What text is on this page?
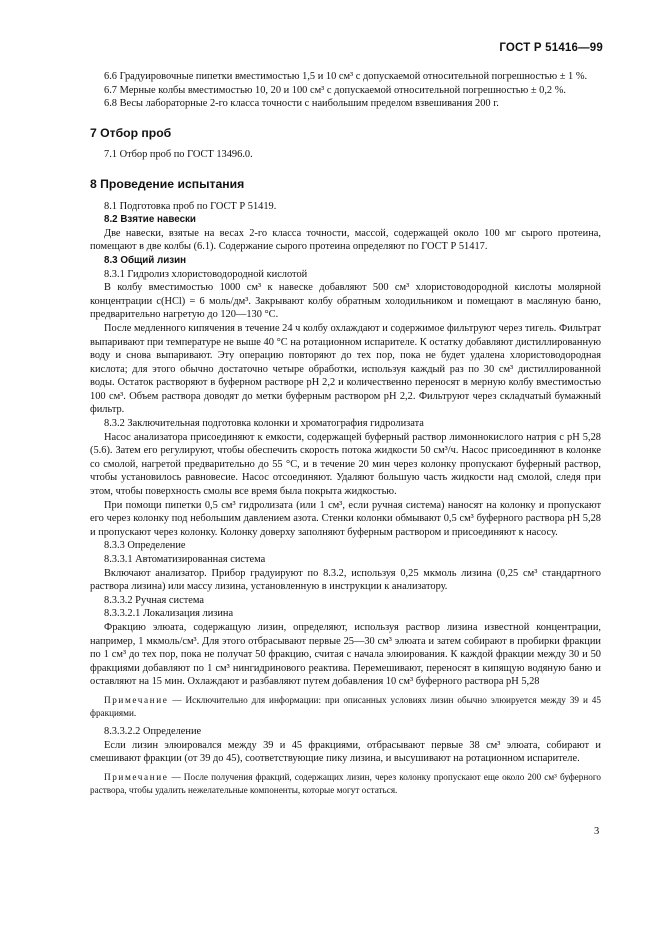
ГОСТ Р 51416—99

6.6 Градуировочные пипетки вместимостью 1,5 и 10 см³ с допускаемой относительной погрешностью ± 1 %.

6.7 Мерные колбы вместимостью 10, 20 и 100 см³ с допускаемой относительной погрешностью ± 0,2 %.

6.8 Весы лабораторные 2-го класса точности с наибольшим пределом взвешивания 200 г.

7 Отбор проб

7.1 Отбор проб по ГОСТ 13496.0.

8 Проведение испытания

8.1 Подготовка проб по ГОСТ Р 51419.

8.2 Взятие навески

Две навески, взятые на весах 2-го класса точности, массой, содержащей около 100 мг сырого протеина, помещают в две колбы (6.1). Содержание сырого протеина определяют по ГОСТ Р 51417.

8.3 Общий лизин

8.3.1 Гидролиз хлористоводородной кислотой

В колбу вместимостью 1000 см³ к навеске добавляют 500 см³ хлористоводородной кислоты молярной концентрации c(HCl) = 6 моль/дм³. Закрывают колбу обратным холодильником и помещают в масляную баню, предварительно нагретую до 120—130 °С.

После медленного кипячения в течение 24 ч колбу охлаждают и содержимое фильтруют через тигель. Фильтрат выпаривают при температуре не выше 40 °С на ротационном испарителе. К остатку добавляют дистиллированную воду и снова выпаривают. Эту операцию повторяют до тех пор, пока не будет удалена хлористоводородная кислота; для этого обычно достаточно четыре обработки, используя каждый раз по 30 см³ дистиллированной воды. Остаток растворяют в буферном растворе рН 2,2 и количественно переносят в мерную колбу вместимостью 100 см³. Объем раствора доводят до метки буферным раствором рН 2,2. Фильтруют через складчатый бумажный фильтр.

8.3.2 Заключительная подготовка колонки и хроматография гидролизата

Насос анализатора присоединяют к емкости, содержащей буферный раствор лимоннокислого натрия с рН 5,28 (5.6). Затем его регулируют, чтобы обеспечить скорость потока жидкости 50 см³/ч. Насос присоединяют в колонке со смолой, нагретой предварительно до 55 °С, и в течение 20 мин через колонку пропускают буферный раствор, чтобы установилось равновесие. Насос отсоединяют. Удаляют большую часть жидкости над смолой, следя при этом, чтобы поверхность смолы все время была покрыта жидкостью.

При помощи пипетки 0,5 см³ гидролизата (или 1 см³, если ручная система) наносят на колонку и пропускают его через колонку под небольшим давлением азота. Стенки колонки обмывают 0,5 см³ буферного раствора рН 5,28 и пропускают через колонку. Колонку доверху заполняют буферным раствором и присоединяют к насосу.

8.3.3 Определение

8.3.3.1 Автоматизированная система

Включают анализатор. Прибор градуируют по 8.3.2, используя 0,25 мкмоль лизина (0,25 см³ стандартного раствора лизина) или массу лизина, установленную в инструкции к анализатору.

8.3.3.2 Ручная система

8.3.3.2.1 Локализация лизина

Фракцию элюата, содержащую лизин, определяют, используя раствор лизина известной концентрации, например, 1 мкмоль/см³. Для этого отбрасывают первые 25—30 см³ элюата и затем собирают в пробирки фракции по 1 см³ до тех пор, пока не получат 50 фракцию, считая с начала элюирования. К каждой фракции между 30 и 50 фракциями добавляют по 1 см³ нингидринового реактива. Перемешивают, переносят в кипящую водяную баню и оставляют на 15 мин. Охлаждают и разбавляют путем добавления 10 см³ буферного раствора рН 5,28

Примечание — Исключительно для информации: при описанных условиях лизин обычно элюируется между 39 и 45 фракциями.

8.3.3.2.2 Определение

Если лизин элюировался между 39 и 45 фракциями, отбрасывают первые 38 см³ элюата, собирают и смешивают фракции (от 39 до 45), соответствующие пику лизина, и высушивают на ротационном испарителе.

Примечание — После получения фракций, содержащих лизин, через колонку пропускают еще около 200 см³ буферного раствора, чтобы удалить нежелательные компоненты, которые могут остаться.

3
